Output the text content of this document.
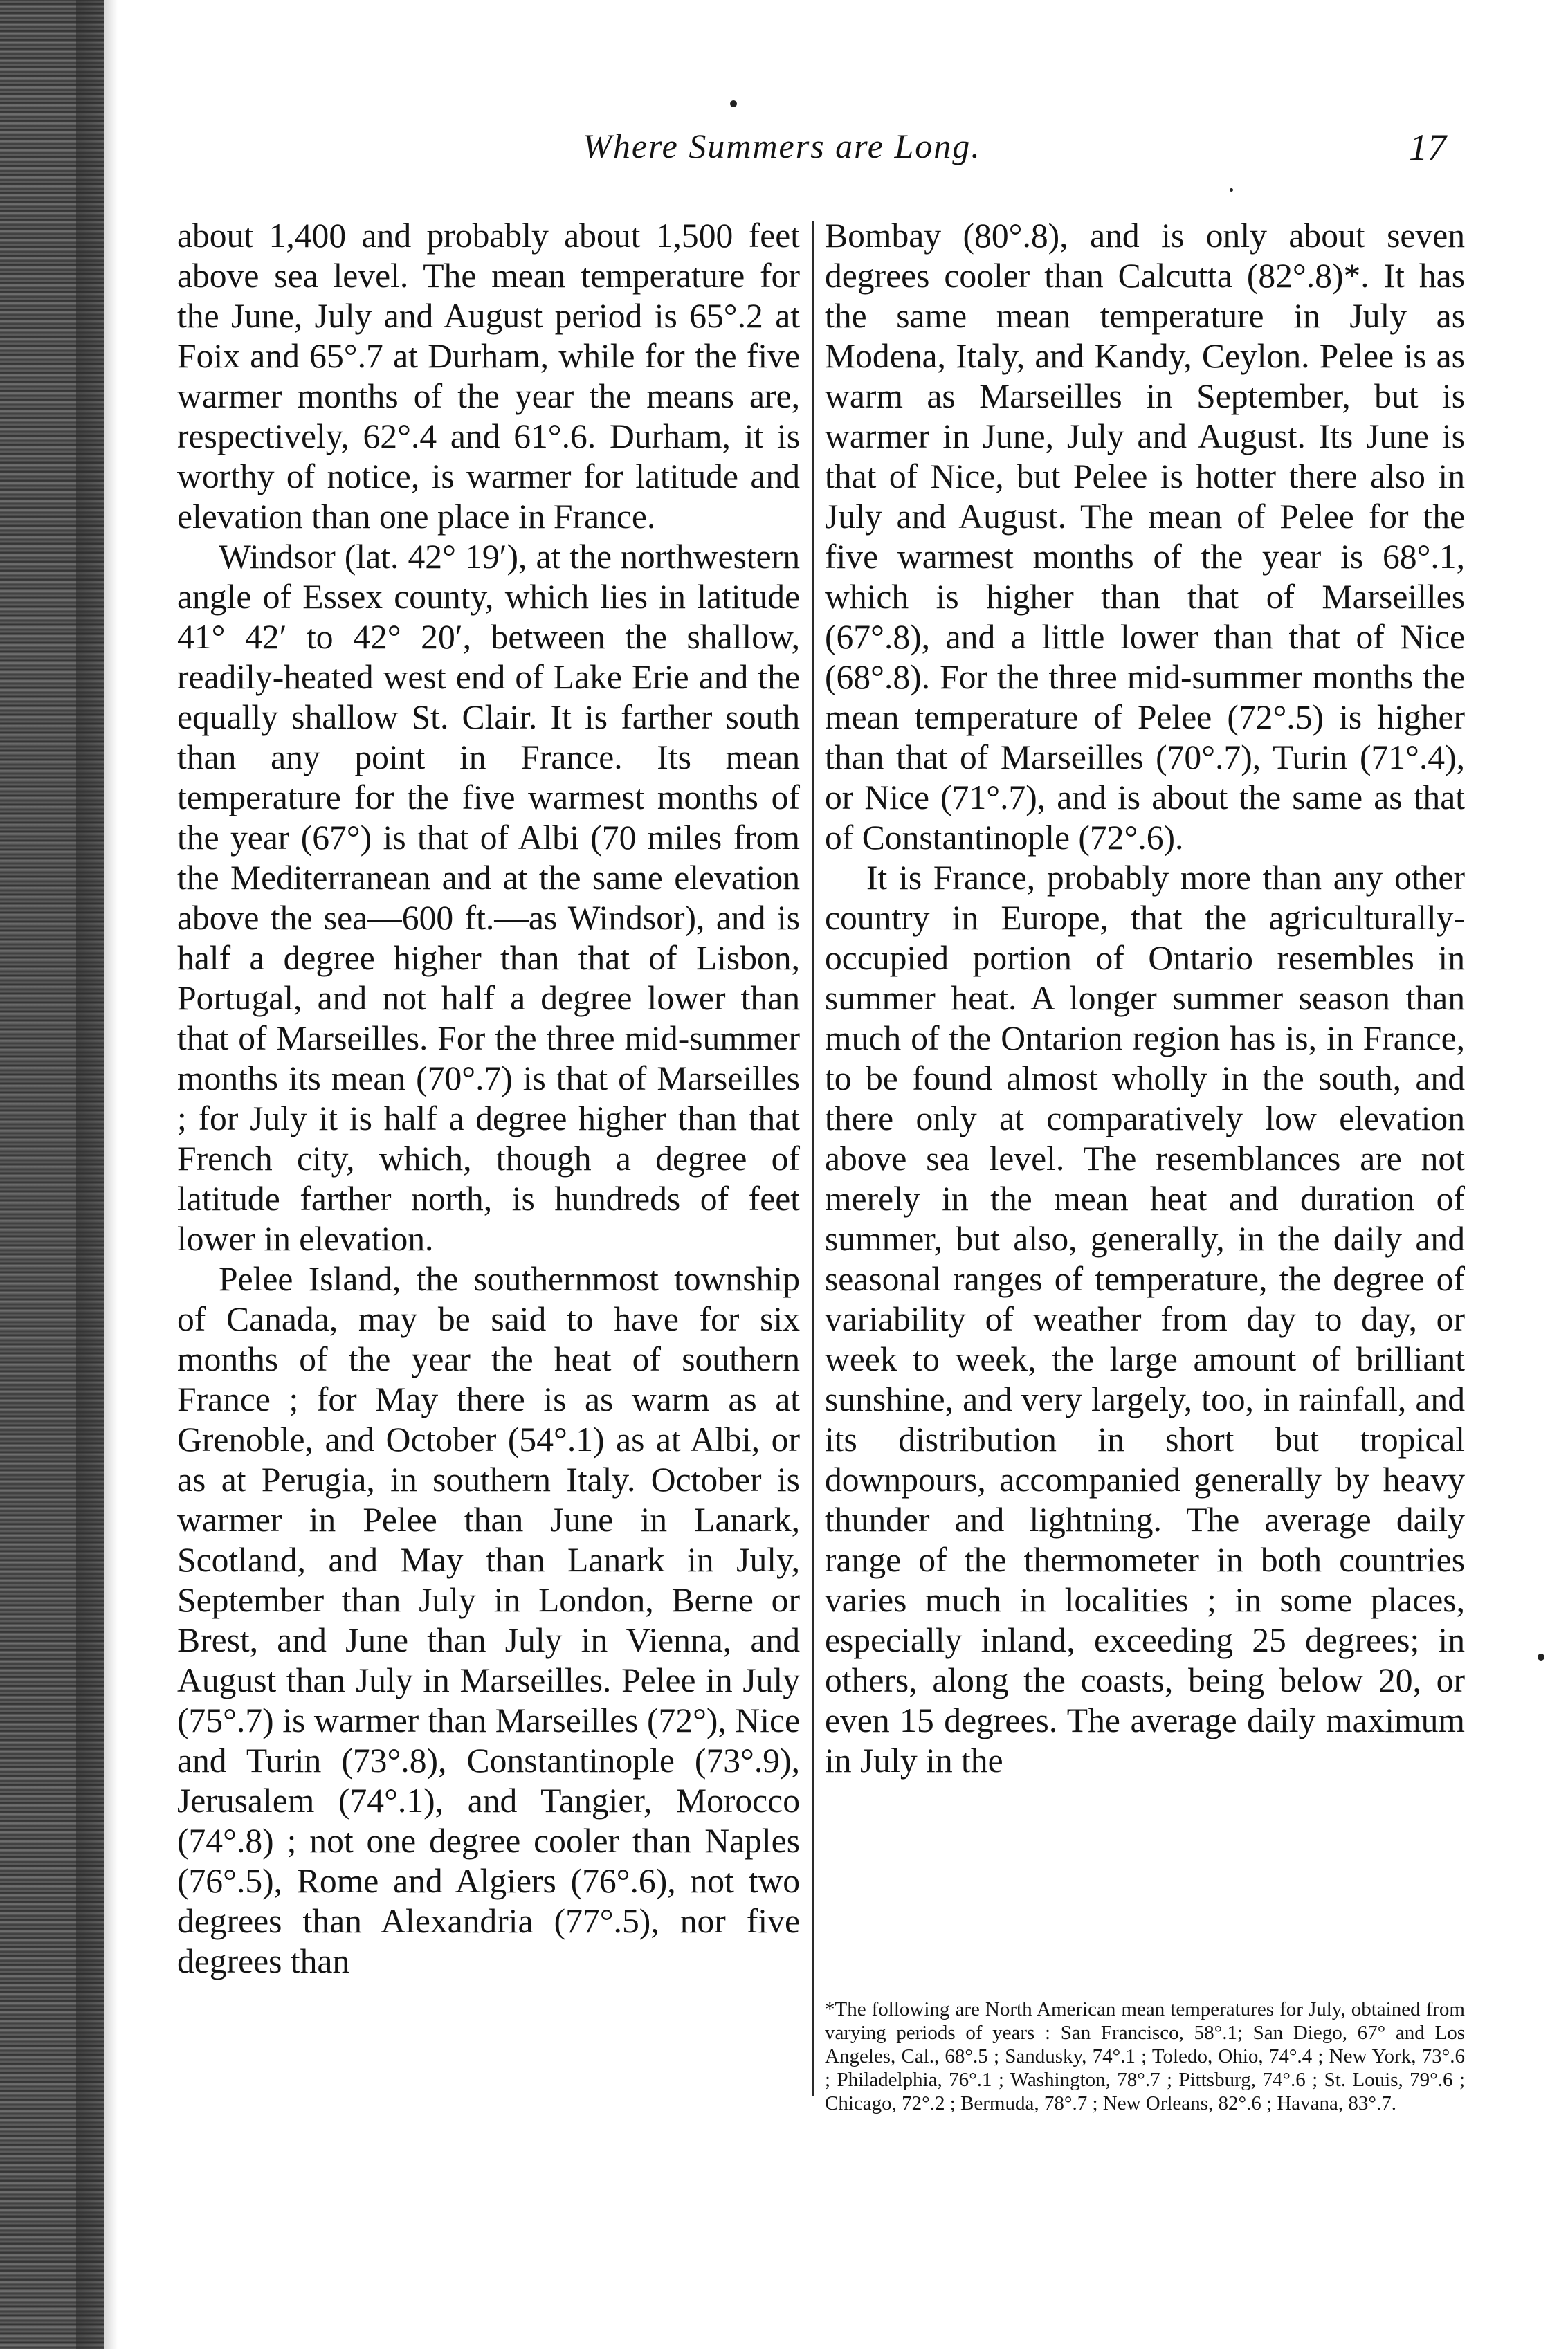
Where Summers are Long.	17

about 1,400 and probably about 1,500 feet above sea level. The mean temperature for the June, July and August period is 65°.2 at Foix and 65°.7 at Durham, while for the five warmer months of the year the means are, respectively, 62°.4 and 61°.6. Durham, it is worthy of notice, is warmer for latitude and elevation than one place in France.

Windsor (lat. 42° 19′), at the northwestern angle of Essex county, which lies in latitude 41° 42′ to 42° 20′, between the shallow, readily-heated west end of Lake Erie and the equally shallow St. Clair. It is farther south than any point in France. Its mean temperature for the five warmest months of the year (67°) is that of Albi (70 miles from the Mediterranean and at the same elevation above the sea—600 ft.—as Windsor), and is half a degree higher than that of Lisbon, Portugal, and not half a degree lower than that of Marseilles. For the three mid-summer months its mean (70°.7) is that of Marseilles ; for July it is half a degree higher than that French city, which, though a degree of latitude farther north, is hundreds of feet lower in elevation.

Pelee Island, the southernmost township of Canada, may be said to have for six months of the year the heat of southern France ; for May there is as warm as at Grenoble, and October (54°.1) as at Albi, or as at Perugia, in southern Italy. October is warmer in Pelee than June in Lanark, Scotland, and May than Lanark in July, September than July in London, Berne or Brest, and June than July in Vienna, and August than July in Marseilles. Pelee in July (75°.7) is warmer than Marseilles (72°), Nice and Turin (73°.8), Constantinople (73°.9), Jerusalem (74°.1), and Tangier, Morocco (74°.8) ; not one degree cooler than Naples (76°.5), Rome and Algiers (76°.6), not two degrees than Alexandria (77°.5), nor five degrees than

Bombay (80°.8), and is only about seven degrees cooler than Calcutta (82°.8)*. It has the same mean temperature in July as Modena, Italy, and Kandy, Ceylon. Pelee is as warm as Marseilles in September, but is warmer in June, July and August. Its June is that of Nice, but Pelee is hotter there also in July and August. The mean of Pelee for the five warmest months of the year is 68°.1, which is higher than that of Marseilles (67°.8), and a little lower than that of Nice (68°.8). For the three mid-summer months the mean temperature of Pelee (72°.5) is higher than that of Marseilles (70°.7), Turin (71°.4), or Nice (71°.7), and is about the same as that of Constantinople (72°.6).

It is France, probably more than any other country in Europe, that the agriculturally-occupied portion of Ontario resembles in summer heat. A longer summer season than much of the Ontarion region has is, in France, to be found almost wholly in the south, and there only at comparatively low elevation above sea level. The resemblances are not merely in the mean heat and duration of summer, but also, generally, in the daily and seasonal ranges of temperature, the degree of variability of weather from day to day, or week to week, the large amount of brilliant sunshine, and very largely, too, in rainfall, and its distribution in short but tropical downpours, accompanied generally by heavy thunder and lightning. The average daily range of the thermometer in both countries varies much in localities ; in some places, especially inland, exceeding 25 degrees; in others, along the coasts, being below 20, or even 15 degrees. The average daily maximum in July in the

*The following are North American mean temperatures for July, obtained from varying periods of years : San Francisco, 58°.1; San Diego, 67° and Los Angeles, Cal., 68°.5 ; Sandusky, 74°.1 ; Toledo, Ohio, 74°.4 ; New York, 73°.6 ; Philadelphia, 76°.1 ; Washington, 78°.7 ; Pittsburg, 74°.6 ; St. Louis, 79°.6 ; Chicago, 72°.2 ; Bermuda, 78°.7 ; New Orleans, 82°.6 ; Havana, 83°.7.
